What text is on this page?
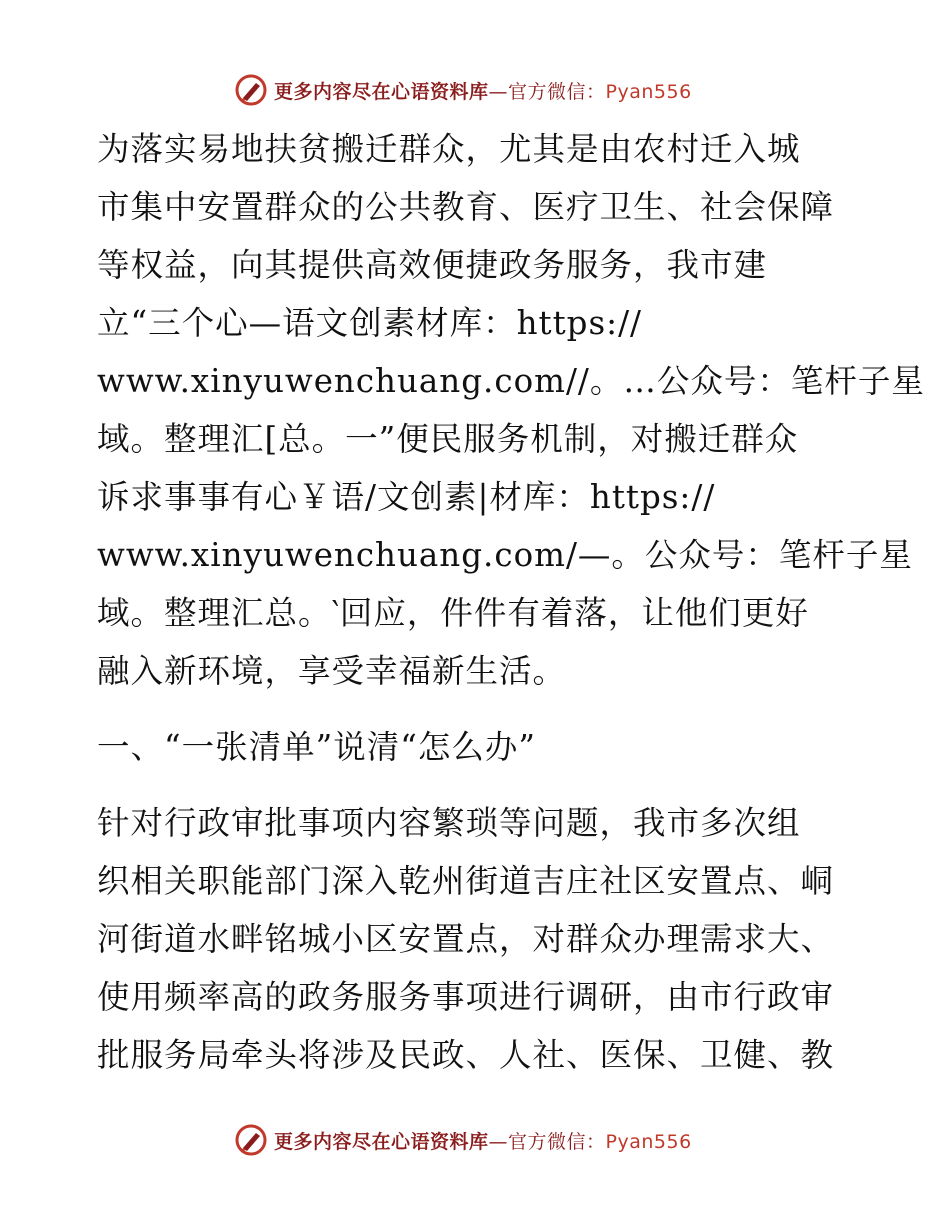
更多内容尽在心语资料库—官方微信：Pyan556
为落实易地扶贫搬迁群众，尤其是由农村迁入城
市集中安置群众的公共教育、医疗卫生、社会保障
等权益，向其提供高效便捷政务服务，我市建
立“三个心—语文创素材库：https://
www.xinyuwenchuang.com//。…公众号：笔杆子星
域。整理汇[总。一”便民服务机制，对搬迁群众
诉求事事有心￥语/文创素|材库：https://
www.xinyuwenchuang.com/—。公众号：笔杆子星
域。整理汇总。‵回应，件件有着落，让他们更好
融入新环境，享受幸福新生活。
一、“一张清单”说清“怎么办”
针对行政审批事项内容繁琐等问题，我市多次组
织相关职能部门深入乾州街道吉庄社区安置点、峒
河街道水畔铭城小区安置点，对群众办理需求大、
使用频率高的政务服务事项进行调研，由市行政审
批服务局牵头将涉及民政、人社、医保、卫健、教
更多内容尽在心语资料库—官方微信：Pyan556
